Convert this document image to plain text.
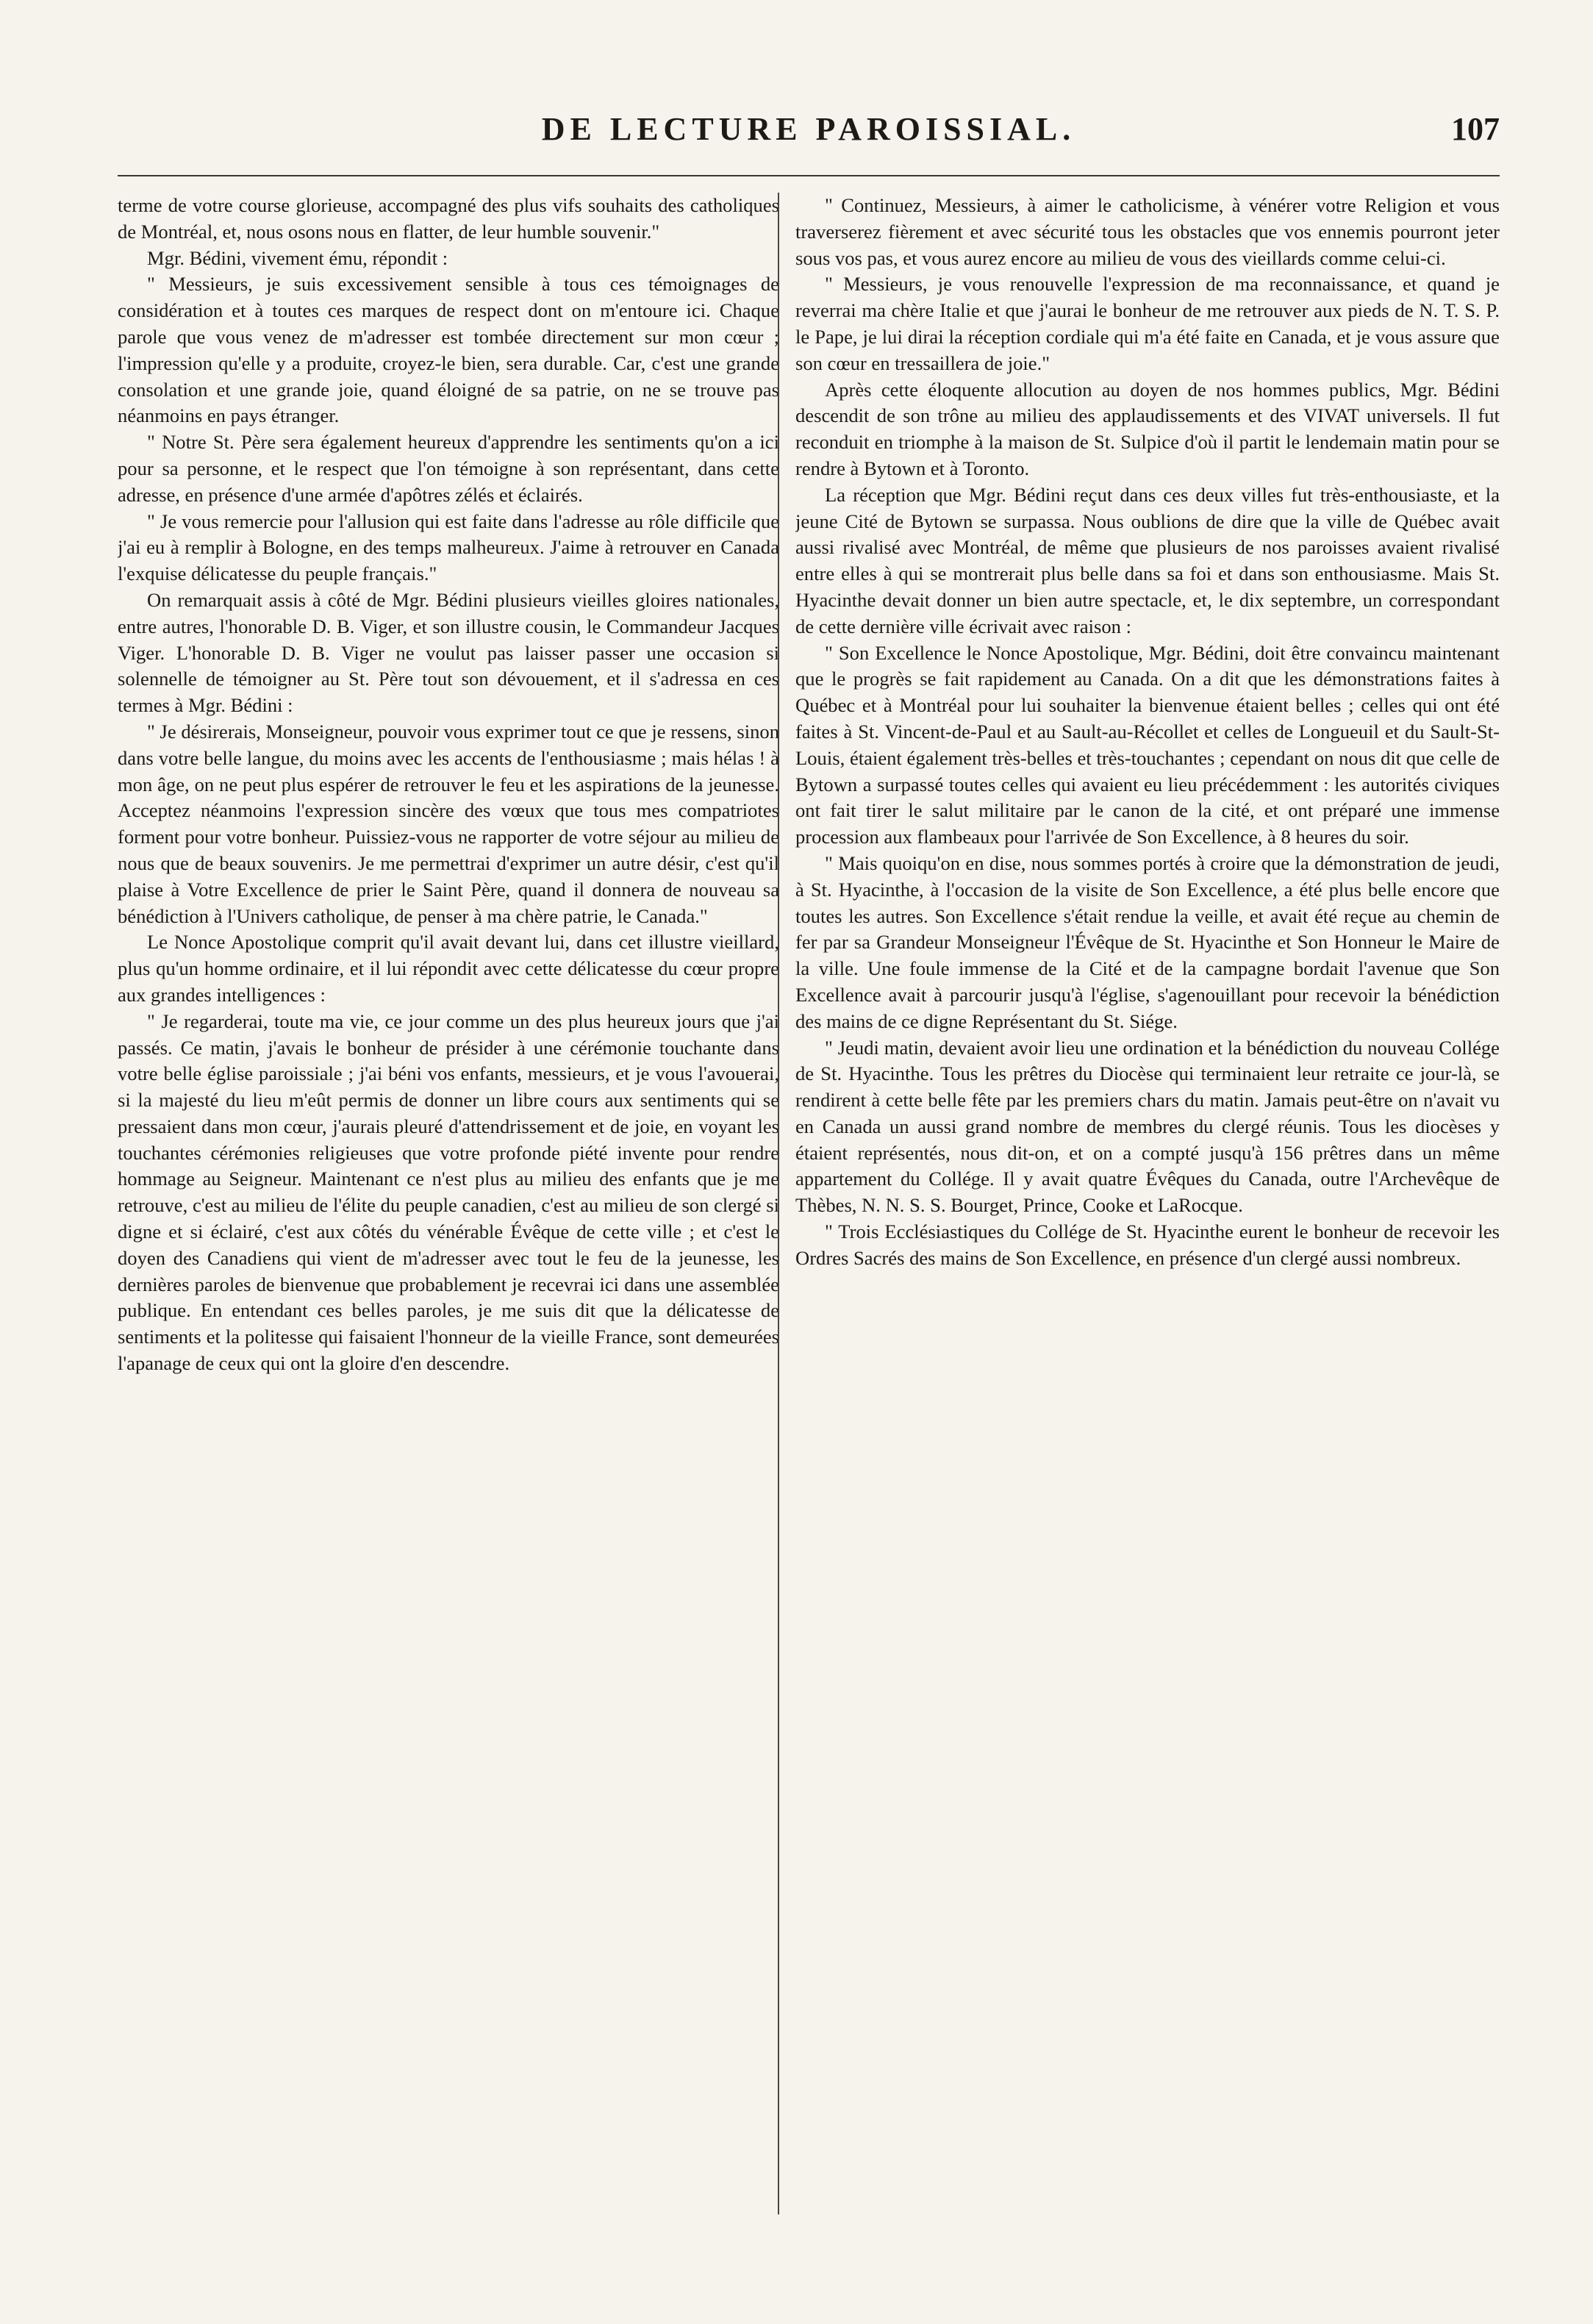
DE LECTURE PAROISSIAL.	107

terme de votre course glorieuse, accompagné des plus vifs souhaits des catholiques de Montréal, et, nous osons nous en flatter, de leur humble souvenir."

Mgr. Bédini, vivement ému, répondit :

" Messieurs, je suis excessivement sensible à tous ces témoignages de considération et à toutes ces marques de respect dont on m'entoure ici. Chaque parole que vous venez de m'adresser est tombée directement sur mon cœur ; l'impression qu'elle y a produite, croyez-le bien, sera durable. Car, c'est une grande consolation et une grande joie, quand éloigné de sa patrie, on ne se trouve pas néanmoins en pays étranger.

" Notre St. Père sera également heureux d'apprendre les sentiments qu'on a ici pour sa personne, et le respect que l'on témoigne à son représentant, dans cette adresse, en présence d'une armée d'apôtres zélés et éclairés.

" Je vous remercie pour l'allusion qui est faite dans l'adresse au rôle difficile que j'ai eu à remplir à Bologne, en des temps malheureux. J'aime à retrouver en Canada l'exquise délicatesse du peuple français."

On remarquait assis à côté de Mgr. Bédini plusieurs vieilles gloires nationales, entre autres, l'honorable D. B. Viger, et son illustre cousin, le Commandeur Jacques Viger. L'honorable D. B. Viger ne voulut pas laisser passer une occasion si solennelle de témoigner au St. Père tout son dévouement, et il s'adressa en ces termes à Mgr. Bédini :

" Je désirerais, Monseigneur, pouvoir vous exprimer tout ce que je ressens, sinon dans votre belle langue, du moins avec les accents de l'enthousiasme ; mais hélas ! à mon âge, on ne peut plus espérer de retrouver le feu et les aspirations de la jeunesse. Acceptez néanmoins l'expression sincère des vœux que tous mes compatriotes forment pour votre bonheur. Puissiez-vous ne rapporter de votre séjour au milieu de nous que de beaux souvenirs. Je me permettrai d'exprimer un autre désir, c'est qu'il plaise à Votre Excellence de prier le Saint Père, quand il donnera de nouveau sa bénédiction à l'Univers catholique, de penser à ma chère patrie, le Canada."

Le Nonce Apostolique comprit qu'il avait devant lui, dans cet illustre vieillard, plus qu'un homme ordinaire, et il lui répondit avec cette délicatesse du cœur propre aux grandes intelligences :

" Je regarderai, toute ma vie, ce jour comme un des plus heureux jours que j'ai passés. Ce matin, j'avais le bonheur de présider à une cérémonie touchante dans votre belle église paroissiale ; j'ai béni vos enfants, messieurs, et je vous l'avouerai, si la majesté du lieu m'eût permis de donner un libre cours aux sentiments qui se pressaient dans mon cœur, j'aurais pleuré d'attendrissement et de joie, en voyant les touchantes cérémonies religieuses que votre profonde piété invente pour rendre hommage au Seigneur. Maintenant ce n'est plus au milieu des enfants que je me retrouve, c'est au milieu de l'élite du peuple canadien, c'est au milieu de son clergé si digne et si éclairé, c'est aux côtés du vénérable Évêque de cette ville ; et c'est le doyen des Canadiens qui vient de m'adresser avec tout le feu de la jeunesse, les dernières paroles de bienvenue que probablement je recevrai ici dans une assemblée publique. En entendant ces belles paroles, je me suis dit que la délicatesse de sentiments et la politesse qui faisaient l'honneur de la vieille France, sont demeurées l'apanage de ceux qui ont la gloire d'en descendre.

" Continuez, Messieurs, à aimer le catholicisme, à vénérer votre Religion et vous traverserez fièrement et avec sécurité tous les obstacles que vos ennemis pourront jeter sous vos pas, et vous aurez encore au milieu de vous des vieillards comme celui-ci.

" Messieurs, je vous renouvelle l'expression de ma reconnaissance, et quand je reverrai ma chère Italie et que j'aurai le bonheur de me retrouver aux pieds de N. T. S. P. le Pape, je lui dirai la réception cordiale qui m'a été faite en Canada, et je vous assure que son cœur en tressaillera de joie."

Après cette éloquente allocution au doyen de nos hommes publics, Mgr. Bédini descendit de son trône au milieu des applaudissements et des VIVAT universels. Il fut reconduit en triomphe à la maison de St. Sulpice d'où il partit le lendemain matin pour se rendre à Bytown et à Toronto.

La réception que Mgr. Bédini reçut dans ces deux villes fut très-enthousiaste, et la jeune Cité de Bytown se surpassa. Nous oublions de dire que la ville de Québec avait aussi rivalisé avec Montréal, de même que plusieurs de nos paroisses avaient rivalisé entre elles à qui se montrerait plus belle dans sa foi et dans son enthousiasme. Mais St. Hyacinthe devait donner un bien autre spectacle, et, le dix septembre, un correspondant de cette dernière ville écrivait avec raison :

" Son Excellence le Nonce Apostolique, Mgr. Bédini, doit être convaincu maintenant que le progrès se fait rapidement au Canada. On a dit que les démonstrations faites à Québec et à Montréal pour lui souhaiter la bienvenue étaient belles ; celles qui ont été faites à St. Vincent-de-Paul et au Sault-au-Récollet et celles de Longueuil et du Sault-St-Louis, étaient également très-belles et très-touchantes ; cependant on nous dit que celle de Bytown a surpassé toutes celles qui avaient eu lieu précédemment : les autorités civiques ont fait tirer le salut militaire par le canon de la cité, et ont préparé une immense procession aux flambeaux pour l'arrivée de Son Excellence, à 8 heures du soir.

" Mais quoiqu'on en dise, nous sommes portés à croire que la démonstration de jeudi, à St. Hyacinthe, à l'occasion de la visite de Son Excellence, a été plus belle encore que toutes les autres. Son Excellence s'était rendue la veille, et avait été reçue au chemin de fer par sa Grandeur Monseigneur l'Évêque de St. Hyacinthe et Son Honneur le Maire de la ville. Une foule immense de la Cité et de la campagne bordait l'avenue que Son Excellence avait à parcourir jusqu'à l'église, s'agenouillant pour recevoir la bénédiction des mains de ce digne Représentant du St. Siége.

" Jeudi matin, devaient avoir lieu une ordination et la bénédiction du nouveau Collége de St. Hyacinthe. Tous les prêtres du Diocèse qui terminaient leur retraite ce jour-là, se rendirent à cette belle fête par les premiers chars du matin. Jamais peut-être on n'avait vu en Canada un aussi grand nombre de membres du clergé réunis. Tous les diocèses y étaient représentés, nous dit-on, et on a compté jusqu'à 156 prêtres dans un même appartement du Collége. Il y avait quatre Évêques du Canada, outre l'Archevêque de Thèbes, N. N. S. S. Bourget, Prince, Cooke et LaRocque.

" Trois Ecclésiastiques du Collége de St. Hyacinthe eurent le bonheur de recevoir les Ordres Sacrés des mains de Son Excellence, en présence d'un clergé aussi nombreux.
